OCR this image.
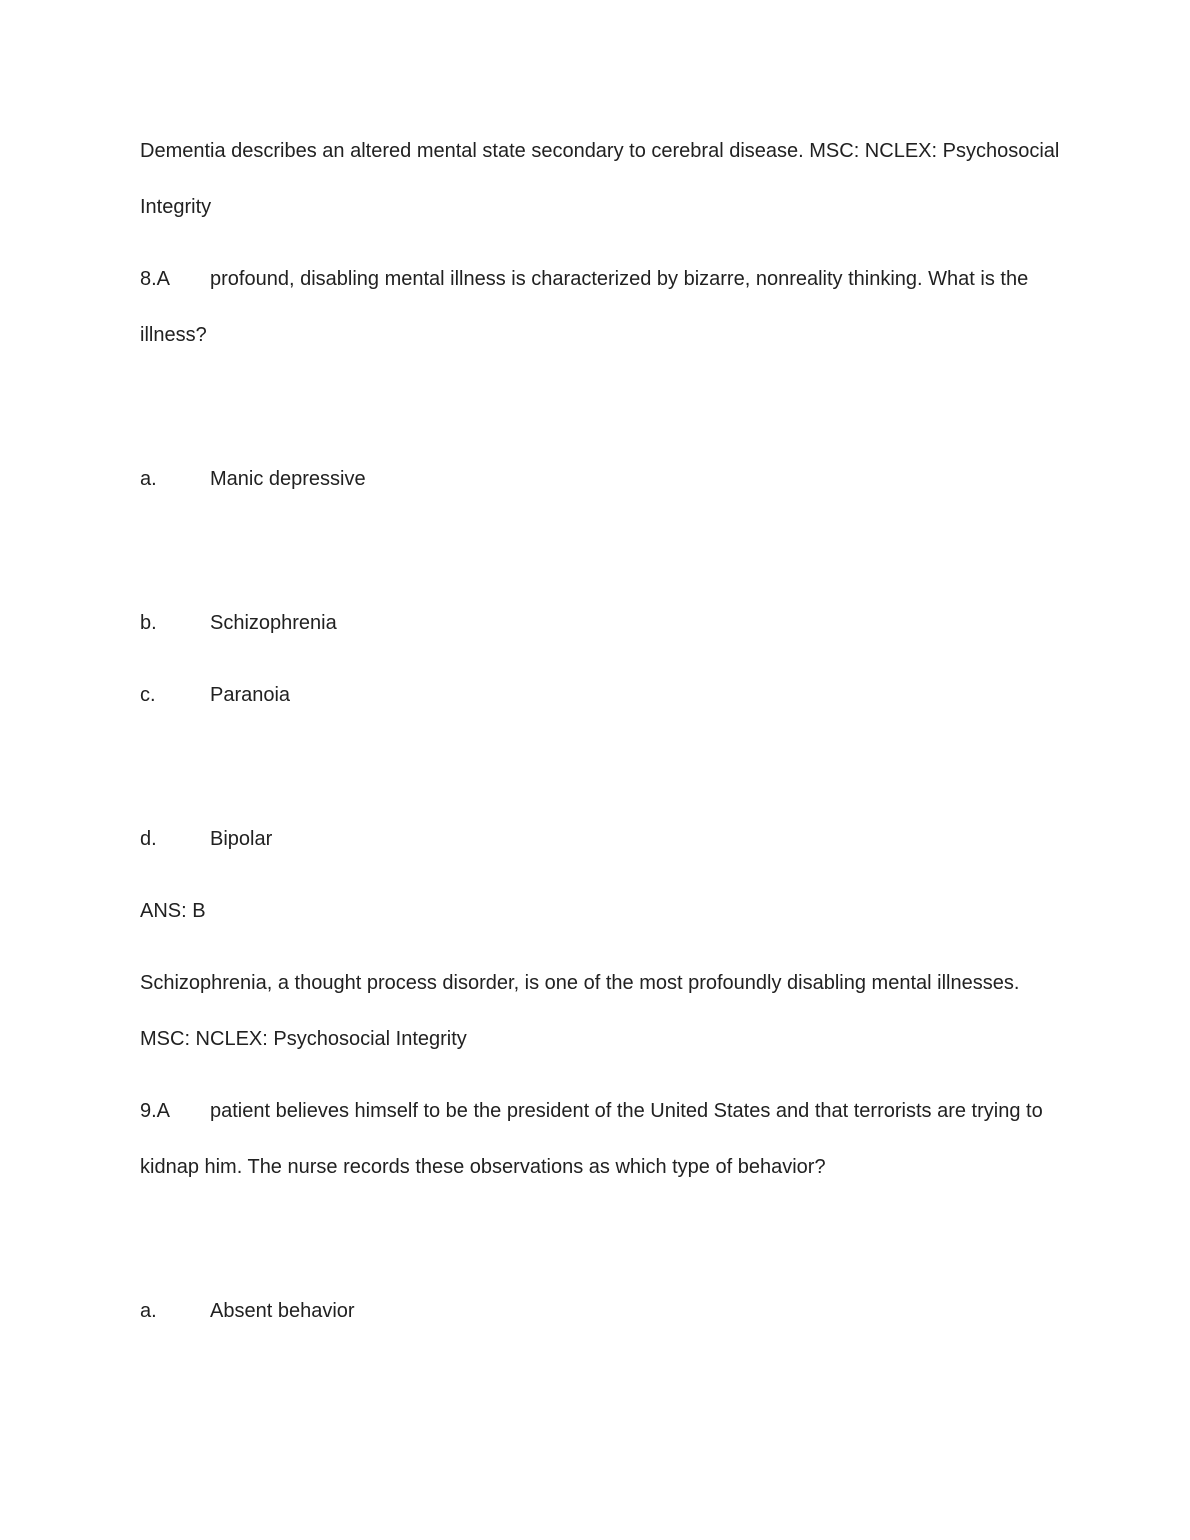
Dementia describes an altered mental state secondary to cerebral disease. MSC: NCLEX: Psychosocial Integrity

8.A profound, disabling mental illness is characterized by bizarre, nonreality thinking. What is the illness?

a.	Manic depressive

b.	Schizophrenia

c.	Paranoia

d.	Bipolar

ANS: B

Schizophrenia, a thought process disorder, is one of the most profoundly disabling mental illnesses. MSC: NCLEX: Psychosocial Integrity

9.A patient believes himself to be the president of the United States and that terrorists are trying to kidnap him. The nurse records these observations as which type of behavior?

a.	Absent behavior
